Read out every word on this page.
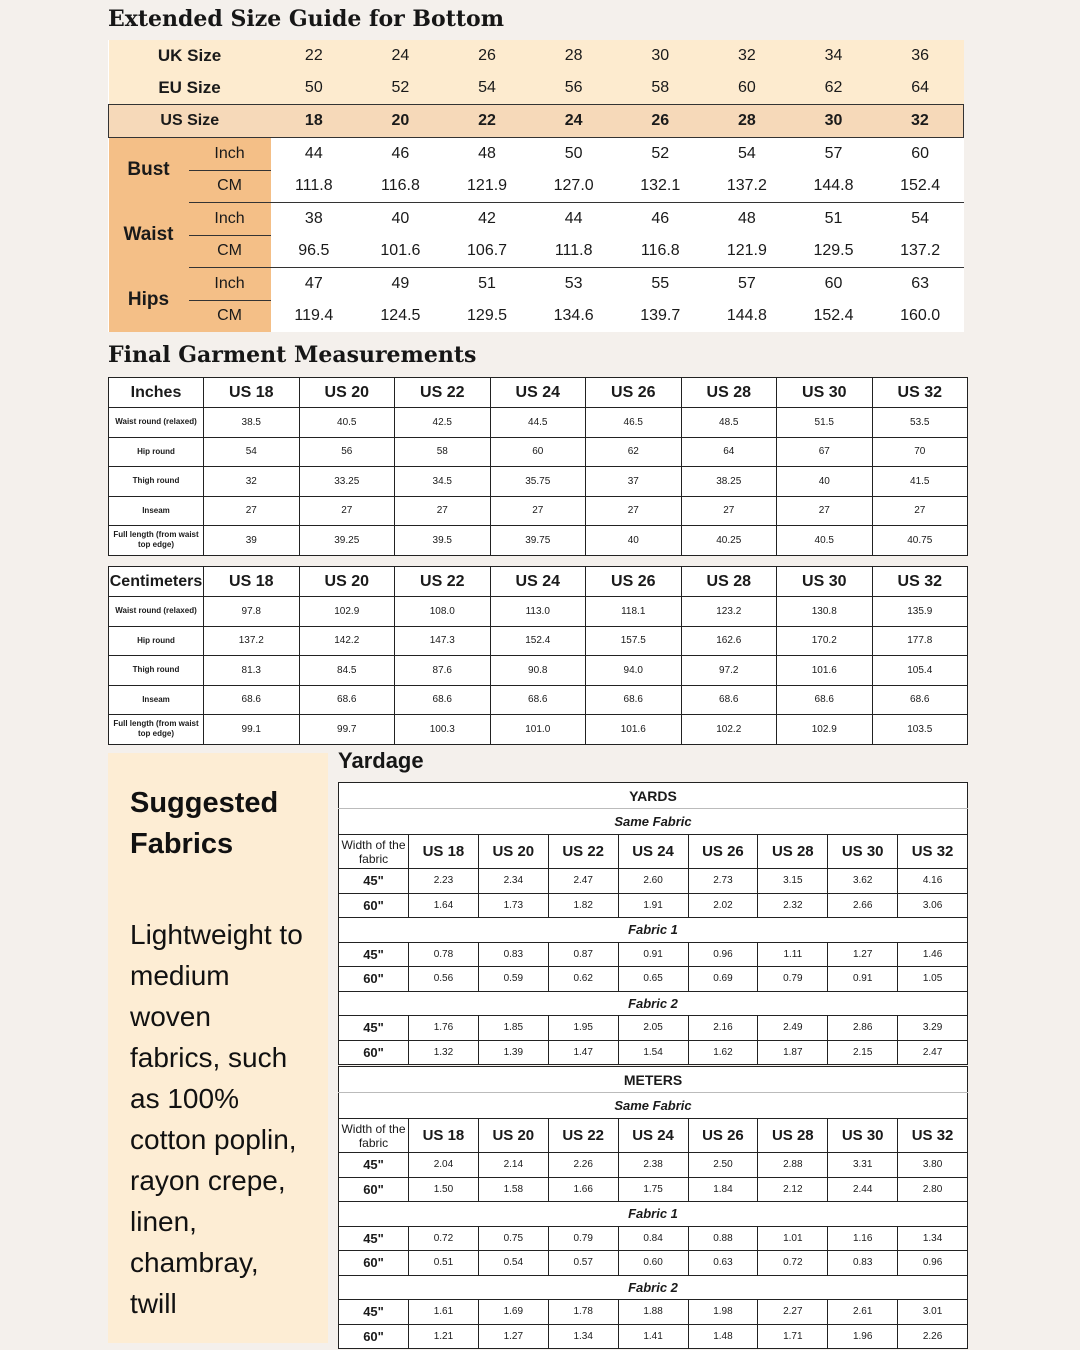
Extended Size Guide for Bottom
UK Size		22	24	26	28	30	32	34	36
EU Size		50	52	54	56	58	60	62	64
US Size		18	20	22	24	26	28	30	32
Bust	Inch	44	46	48	50	52	54	57	60
	CM	111.8	116.8	121.9	127.0	132.1	137.2	144.8	152.4
Waist	Inch	38	40	42	44	46	48	51	54
	CM	96.5	101.6	106.7	111.8	116.8	121.9	129.5	137.2
Hips	Inch	47	49	51	53	55	57	60	63
	CM	119.4	124.5	129.5	134.6	139.7	144.8	152.4	160.0
Final Garment Measurements
Inches	US 18	US 20	US 22	US 24	US 26	US 28	US 30	US 32
Waist round (relaxed)	38.5	40.5	42.5	44.5	46.5	48.5	51.5	53.5
Hip round	54	56	58	60	62	64	67	70
Thigh round	32	33.25	34.5	35.75	37	38.25	40	41.5
Inseam	27	27	27	27	27	27	27	27
Full length (from waist top edge)	39	39.25	39.5	39.75	40	40.25	40.5	40.75
Centimeters	US 18	US 20	US 22	US 24	US 26	US 28	US 30	US 32
Waist round (relaxed)	97.8	102.9	108.0	113.0	118.1	123.2	130.8	135.9
Hip round	137.2	142.2	147.3	152.4	157.5	162.6	170.2	177.8
Thigh round	81.3	84.5	87.6	90.8	94.0	97.2	101.6	105.4
Inseam	68.6	68.6	68.6	68.6	68.6	68.6	68.6	68.6
Full length (from waist top edge)	99.1	99.7	100.3	101.0	101.6	102.2	102.9	103.5
Suggested Fabrics

Lightweight to medium woven fabrics, such as 100% cotton poplin, rayon crepe, linen, chambray, twill

Yardage
YARDS								
Same Fabric								
Width of the fabric	US 18	US 20	US 22	US 24	US 26	US 28	US 30	US 32
45"	2.23	2.34	2.47	2.60	2.73	3.15	3.62	4.16
60"	1.64	1.73	1.82	1.91	2.02	2.32	2.66	3.06
Fabric 1								
45"	0.78	0.83	0.87	0.91	0.96	1.11	1.27	1.46
60"	0.56	0.59	0.62	0.65	0.69	0.79	0.91	1.05
Fabric 2								
45"	1.76	1.85	1.95	2.05	2.16	2.49	2.86	3.29
60"	1.32	1.39	1.47	1.54	1.62	1.87	2.15	2.47
METERS								
Same Fabric								
Width of the fabric	US 18	US 20	US 22	US 24	US 26	US 28	US 30	US 32
45"	2.04	2.14	2.26	2.38	2.50	2.88	3.31	3.80
60"	1.50	1.58	1.66	1.75	1.84	2.12	2.44	2.80
Fabric 1								
45"	0.72	0.75	0.79	0.84	0.88	1.01	1.16	1.34
60"	0.51	0.54	0.57	0.60	0.63	0.72	0.83	0.96
Fabric 2								
45"	1.61	1.69	1.78	1.88	1.98	2.27	2.61	3.01
60"	1.21	1.27	1.34	1.41	1.48	1.71	1.96	2.26
